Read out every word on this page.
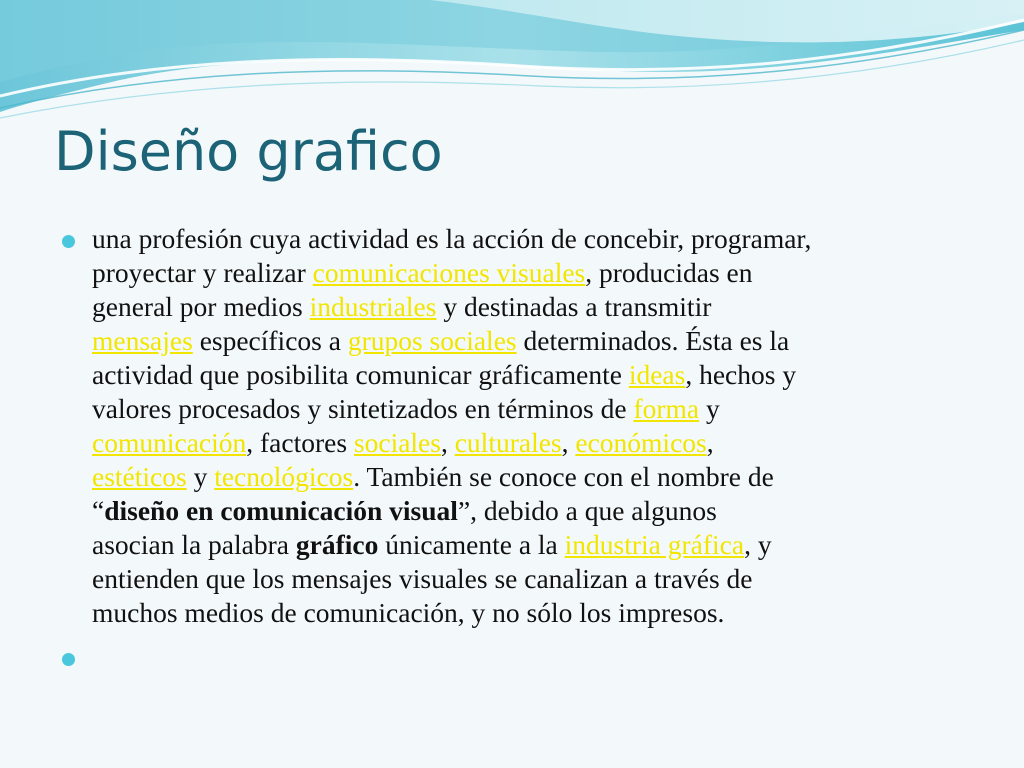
Diseño grafico
una profesión cuya actividad es la acción de concebir, programar,
proyectar y realizar comunicaciones visuales, producidas en
general por medios industriales y destinadas a transmitir
mensajes específicos a grupos sociales determinados. Ésta es la
actividad que posibilita comunicar gráficamente ideas, hechos y
valores procesados y sintetizados en términos de forma y
comunicación, factores sociales, culturales, económicos,
estéticos y tecnológicos. También se conoce con el nombre de
“diseño en comunicación visual”, debido a que algunos
asocian la palabra gráfico únicamente a la industria gráfica, y
entienden que los mensajes visuales se canalizan a través de
muchos medios de comunicación, y no sólo los impresos.
